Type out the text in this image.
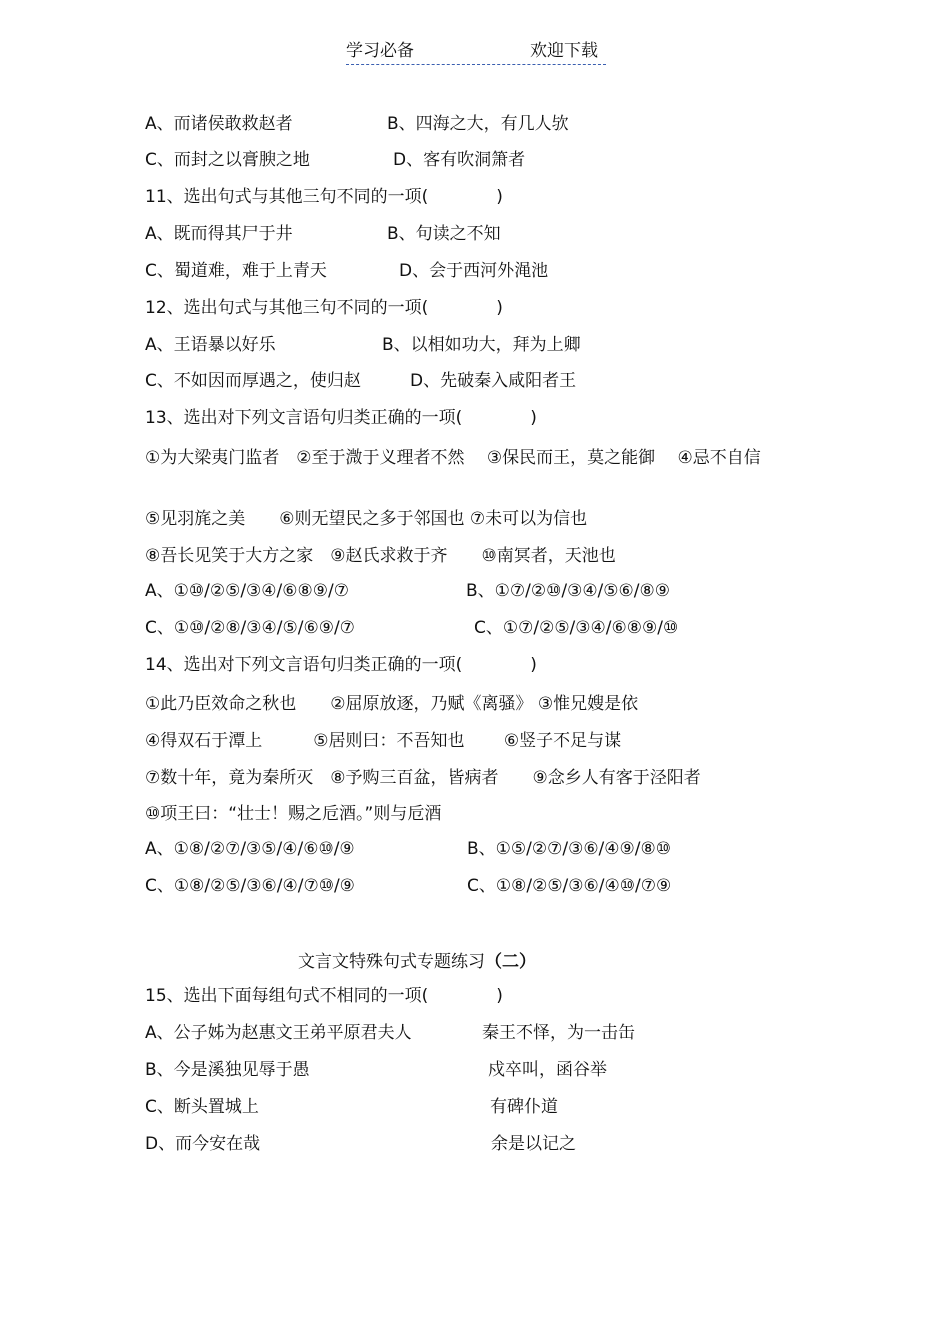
学习必备	欢迎下载
A、而诸侯敢救赵者	B、四海之大，有几人欤
C、而封之以膏腴之地	D、客有吹洞箫者
11、选出句式与其他三句不同的一项(　　　　)
A、既而得其尸于井	B、句读之不知
C、蜀道难，难于上青天	D、会于西河外渑池
12、选出句式与其他三句不同的一项(　　　　)
A、王语暴以好乐	B、以相如功大，拜为上卿
C、不如因而厚遇之，使归赵	D、先破秦入咸阳者王
13、选出对下列文言语句归类正确的一项(　　　　)
①为大梁夷门监者　②至于溦于义理者不然　 ③保民而王，莫之能御　 ④忌不自信
⑤见羽旄之美　　⑥则无望民之多于邻国也 ⑦未可以为信也
⑧吾长见笑于大方之家　⑨赵氏求救于齐　　⑩南冥者，天池也
A、①⑩/②⑤/③④/⑥⑧⑨/⑦	B、①⑦/②⑩/③④/⑤⑥/⑧⑨
C、①⑩/②⑧/③④/⑤/⑥⑨/⑦	C、①⑦/②⑤/③④/⑥⑧⑨/⑩
14、选出对下列文言语句归类正确的一项(　　　　)
①此乃臣效命之秋也　　②屈原放逐，乃赋《离骚》 ③惟兄嫂是依
④得双石于潭上　　　⑤居则曰：不吾知也　　 ⑥竖子不足与谋
⑦数十年，竟为秦所灭　⑧予购三百盆，皆病者　　⑨念乡人有客于泾阳者
⑩项王曰：“壮士！赐之卮酒。”则与卮酒
A、①⑧/②⑦/③⑤/④/⑥⑩/⑨	B、①⑤/②⑦/③⑥/④⑨/⑧⑩
C、①⑧/②⑤/③⑥/④/⑦⑩/⑨	C、①⑧/②⑤/③⑥/④⑩/⑦⑨
文言文特殊句式专题练习（二）
15、选出下面每组句式不相同的一项(　　　　)
A、公子姊为赵惠文王弟平原君夫人	秦王不怿，为一击缶
B、今是溪独见辱于愚	戍卒叫，函谷举
C、断头置城上	有碑仆道
D、而今安在哉	余是以记之
